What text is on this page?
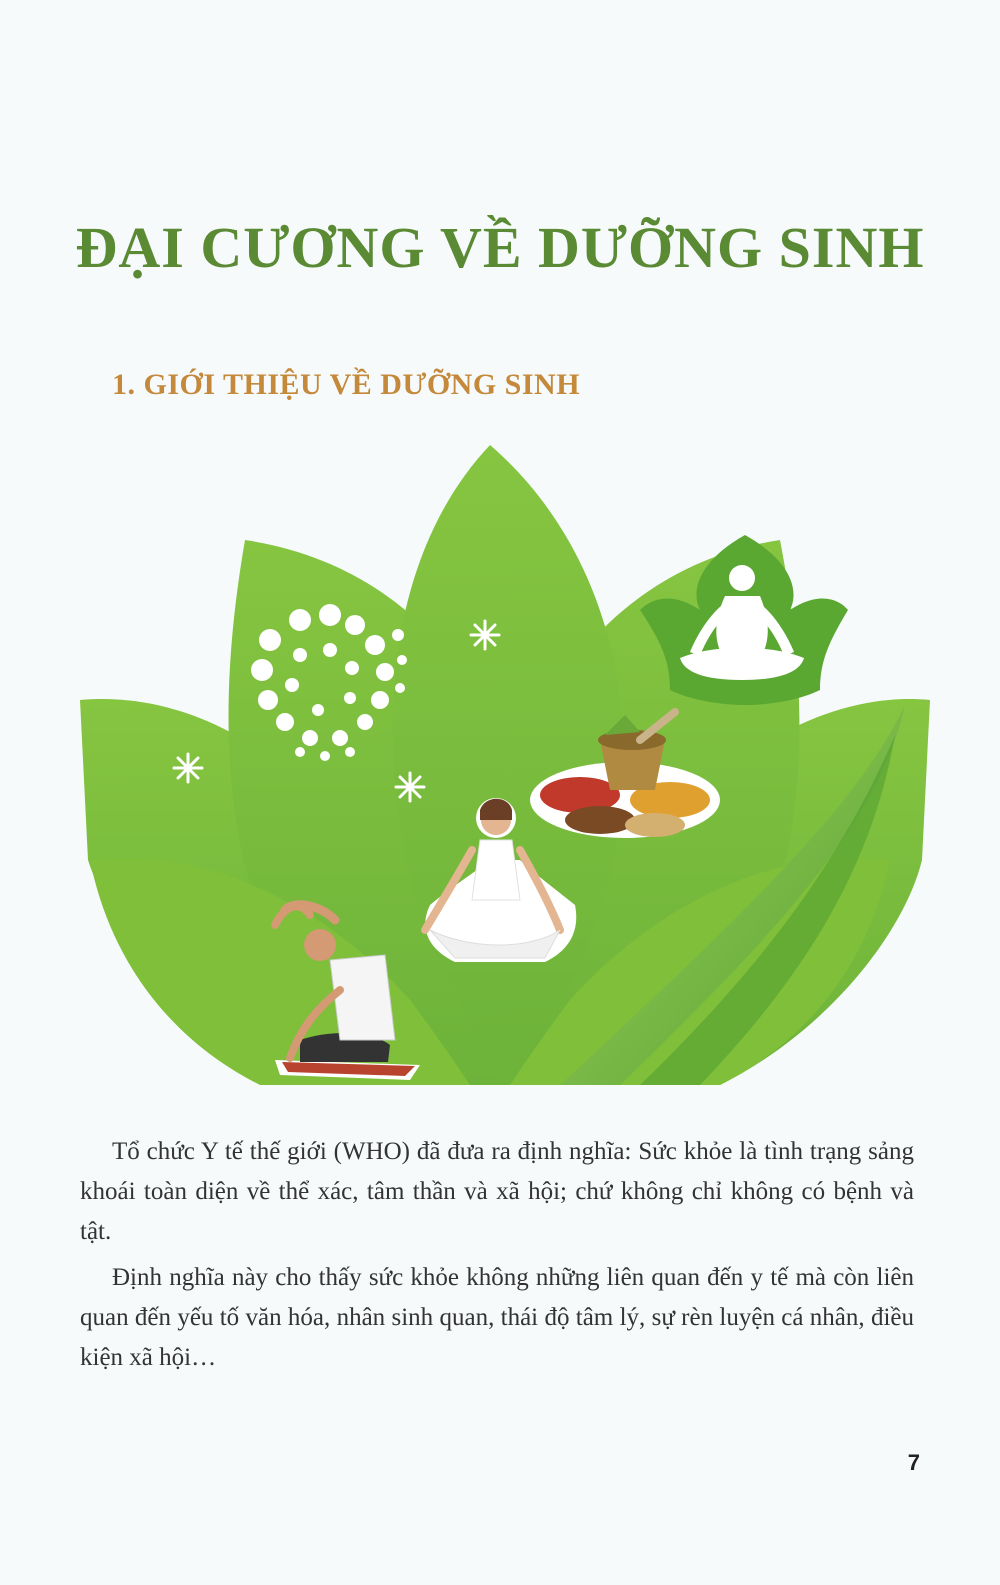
ĐẠI CƯƠNG VỀ DƯỠNG SINH
1. GIỚI THIỆU VỀ DƯỠNG SINH

Tổ chức Y tế thế giới (WHO) đã đưa ra định nghĩa: Sức khỏe là tình trạng sảng khoái toàn diện về thể xác, tâm thần và xã hội; chứ không chỉ không có bệnh và tật.

Định nghĩa này cho thấy sức khỏe không những liên quan đến y tế mà còn liên quan đến yếu tố văn hóa, nhân sinh quan, thái độ tâm lý, sự rèn luyện cá nhân, điều kiện xã hội…

7
